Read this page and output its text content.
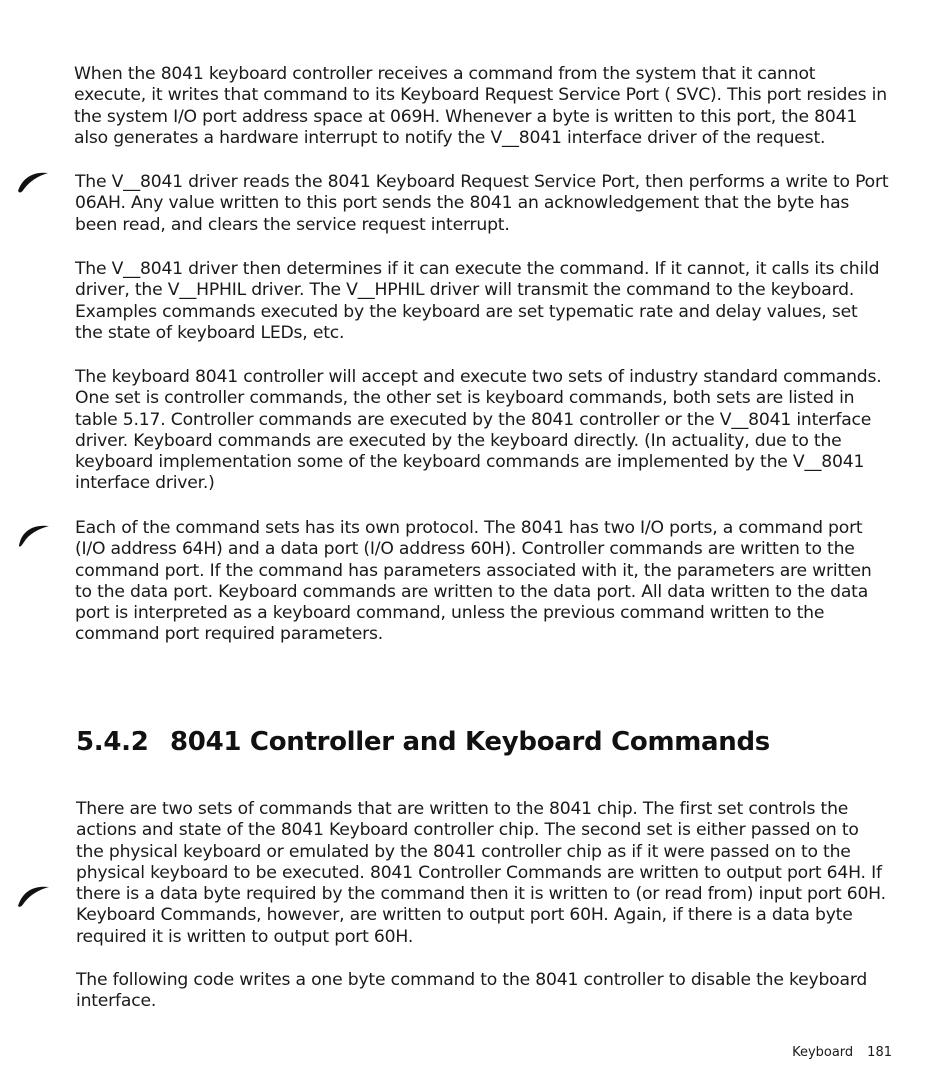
When the 8041 keyboard controller receives a command from the system that it cannot execute, it writes that command to its Keyboard Request Service Port ( SVC). This port resides in the system I/O port address space at 069H. Whenever a byte is written to this port, the 8041 also generates a hardware interrupt to notify the V__8041 interface driver of the request.

The V__8041 driver reads the 8041 Keyboard Request Service Port, then performs a write to Port 06AH. Any value written to this port sends the 8041 an acknowledgement that the byte has been read, and clears the service request interrupt.

The V__8041 driver then determines if it can execute the command. If it cannot, it calls its child driver, the V__HPHIL driver. The V__HPHIL driver will transmit the command to the keyboard. Examples commands executed by the keyboard are set typematic rate and delay values, set the state of keyboard LEDs, etc.

The keyboard 8041 controller will accept and execute two sets of industry standard commands. One set is controller commands, the other set is keyboard commands, both sets are listed in table 5.17. Controller commands are executed by the 8041 controller or the V__8041 interface driver. Keyboard commands are executed by the keyboard directly. (In actuality, due to the keyboard implementation some of the keyboard commands are implemented by the V__8041 interface driver.)

Each of the command sets has its own protocol. The 8041 has two I/O ports, a command port (I/O address 64H) and a data port (I/O address 60H). Controller commands are written to the command port. If the command has parameters associated with it, the parameters are written to the data port. Keyboard commands are written to the data port. All data written to the data port is interpreted as a keyboard command, unless the previous command written to the command port required parameters.

5.4.2 8041 Controller and Keyboard Commands

There are two sets of commands that are written to the 8041 chip. The first set controls the actions and state of the 8041 Keyboard controller chip. The second set is either passed on to the physical keyboard or emulated by the 8041 controller chip as if it were passed on to the physical keyboard to be executed. 8041 Controller Commands are written to output port 64H. If there is a data byte required by the command then it is written to (or read from) input port 60H. Keyboard Commands, however, are written to output port 60H. Again, if there is a data byte required it is written to output port 60H.

The following code writes a one byte command to the 8041 controller to disable the keyboard interface.

Keyboard 181
